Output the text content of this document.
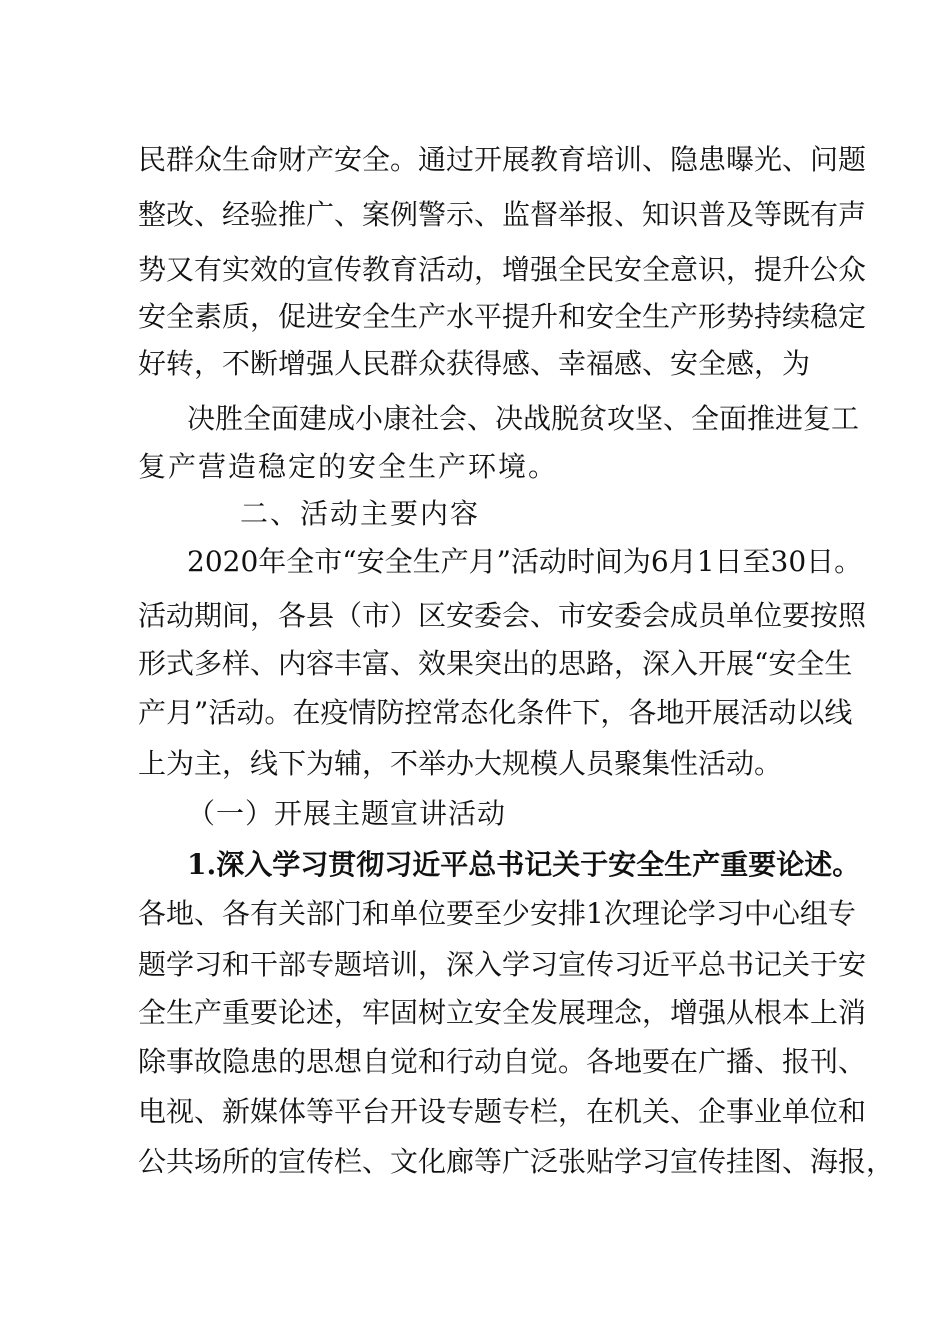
民群众生命财产安全。通过开展教育培训、隐患曝光、问题
整改、经验推广、案例警示、监督举报、知识普及等既有声
势又有实效的宣传教育活动，增强全民安全意识，提升公众
安全素质，促进安全生产水平提升和安全生产形势持续稳定
好转，不断增强人民群众获得感、幸福感、安全感，为
决胜全面建成小康社会、决战脱贫攻坚、全面推进复工
复产营造稳定的安全生产环境。
二、活动主要内容
2020年全市“安全生产月”活动时间为6月1日至30日。
活动期间，各县（市）区安委会、市安委会成员单位要按照
形式多样、内容丰富、效果突出的思路，深入开展“安全生
产月”活动。在疫情防控常态化条件下，各地开展活动以线
上为主，线下为辅，不举办大规模人员聚集性活动。
（一）开展主题宣讲活动
1.深入学习贯彻习近平总书记关于安全生产重要论述。
各地、各有关部门和单位要至少安排1次理论学习中心组专
题学习和干部专题培训，深入学习宣传习近平总书记关于安
全生产重要论述，牢固树立安全发展理念，增强从根本上消
除事故隐患的思想自觉和行动自觉。各地要在广播、报刊、
电视、新媒体等平台开设专题专栏，在机关、企事业单位和
公共场所的宣传栏、文化廊等广泛张贴学习宣传挂图、海报，
